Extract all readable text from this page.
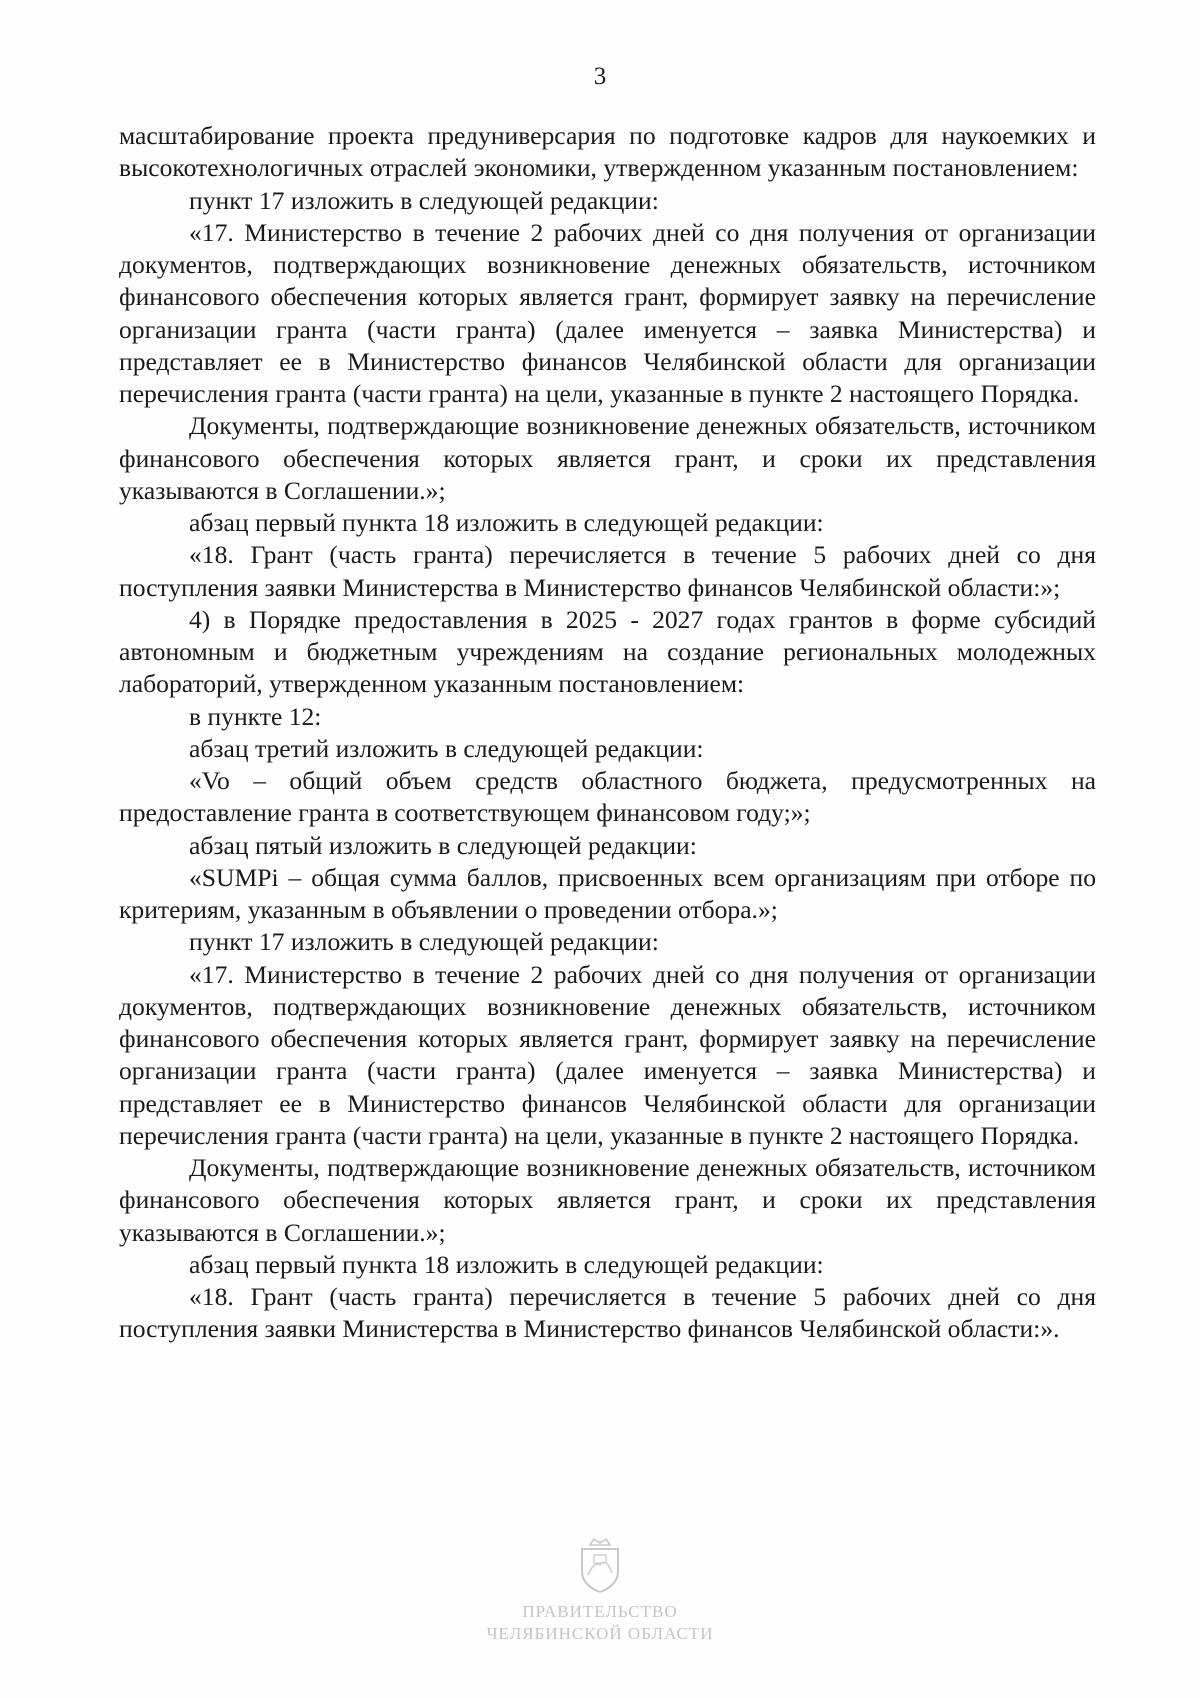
3

масштабирование проекта предуниверсария по подготовке кадров для наукоемких и высокотехнологичных отраслей экономики, утвержденном указанным постановлением:

пункт 17 изложить в следующей редакции:

«17. Министерство в течение 2 рабочих дней со дня получения от организации документов, подтверждающих возникновение денежных обязательств, источником финансового обеспечения которых является грант, формирует заявку на перечисление организации гранта (части гранта) (далее именуется – заявка Министерства) и представляет ее в Министерство финансов Челябинской области для организации перечисления гранта (части гранта) на цели, указанные в пункте 2 настоящего Порядка.

Документы, подтверждающие возникновение денежных обязательств, источником финансового обеспечения которых является грант, и сроки их представления указываются в Соглашении.»;

абзац первый пункта 18 изложить в следующей редакции:

«18. Грант (часть гранта) перечисляется в течение 5 рабочих дней со дня поступления заявки Министерства в Министерство финансов Челябинской области:»;

4) в Порядке предоставления в 2025 - 2027 годах грантов в форме субсидий автономным и бюджетным учреждениям на создание региональных молодежных лабораторий, утвержденном указанным постановлением:

в пункте 12:

абзац третий изложить в следующей редакции:

«Vo – общий объем средств областного бюджета, предусмотренных на предоставление гранта в соответствующем финансовом году;»;

абзац пятый изложить в следующей редакции:

«SUMPi – общая сумма баллов, присвоенных всем организациям при отборе по критериям, указанным в объявлении о проведении отбора.»;

пункт 17 изложить в следующей редакции:

«17. Министерство в течение 2 рабочих дней со дня получения от организации документов, подтверждающих возникновение денежных обязательств, источником финансового обеспечения которых является грант, формирует заявку на перечисление организации гранта (части гранта) (далее именуется – заявка Министерства) и представляет ее в Министерство финансов Челябинской области для организации перечисления гранта (части гранта) на цели, указанные в пункте 2 настоящего Порядка.

Документы, подтверждающие возникновение денежных обязательств, источником финансового обеспечения которых является грант, и сроки их представления указываются в Соглашении.»;

абзац первый пункта 18 изложить в следующей редакции:

«18. Грант (часть гранта) перечисляется в течение 5 рабочих дней со дня поступления заявки Министерства в Министерство финансов Челябинской области:».

ПРАВИТЕЛЬСТВО
ЧЕЛЯБИНСКОЙ ОБЛАСТИ
